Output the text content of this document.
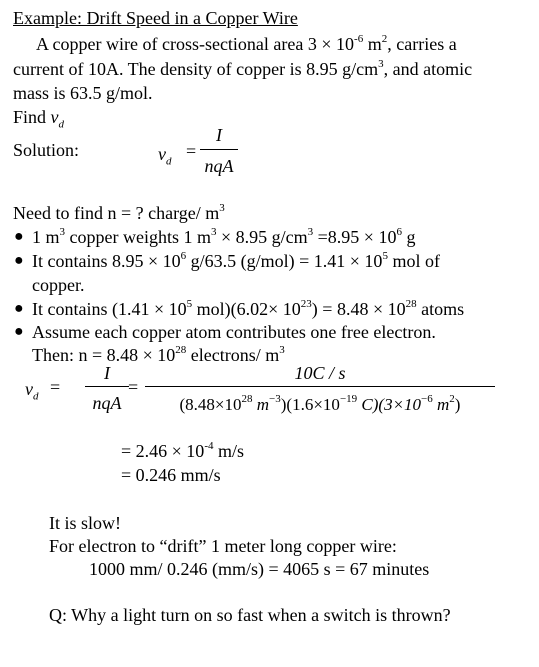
Example: Drift Speed in a Copper Wire
A copper wire of cross-sectional area $3 \times 10^{-6}$ $m^2$, carries a
current of 10A. The density of copper is 8.95 $g/cm^3$, and atomic
mass is 63.5 g/mol.
Find $v_d$
Solution:	$v_d$
=
I
nqA
Need to find n = ? charge/ $m^3$
● 1 $m^3$ copper weights 1 $m^3 \times 8.95$ $g/cm^3 =8.95 \times 10^6$ g
● It contains $8.95 \times 10^6$ g/63.5 $(g/mol) = 1.41 \times 10^5$ mol of
copper.
● It contains ($1.41 \times 10^5$ $mol)(6.02\times 10^{23}) = 8.48 \times 10^{28}$ atoms
● Assume each copper atom contributes one free electron.
Then: $n = 8.48 \times 10^{28}$ electrons/ $m^3$
$v_d$ =
I
nqA
=
10C / s
($8.48\times 10^{28}$ $m^{-3})(1.6\times 10^{-19}$ $C)(3\times 10^{-6}$ $m^2$)
= $2.46 \times 10^{-4}$ m/s
= 0.246 mm/s
It is slow!
For electron to “drift” 1 meter long copper wire:
1000 mm/ 0.246 (mm/s) = 4065 s = 67 minutes
Q: Why a light turn on so fast when a switch is thrown?
